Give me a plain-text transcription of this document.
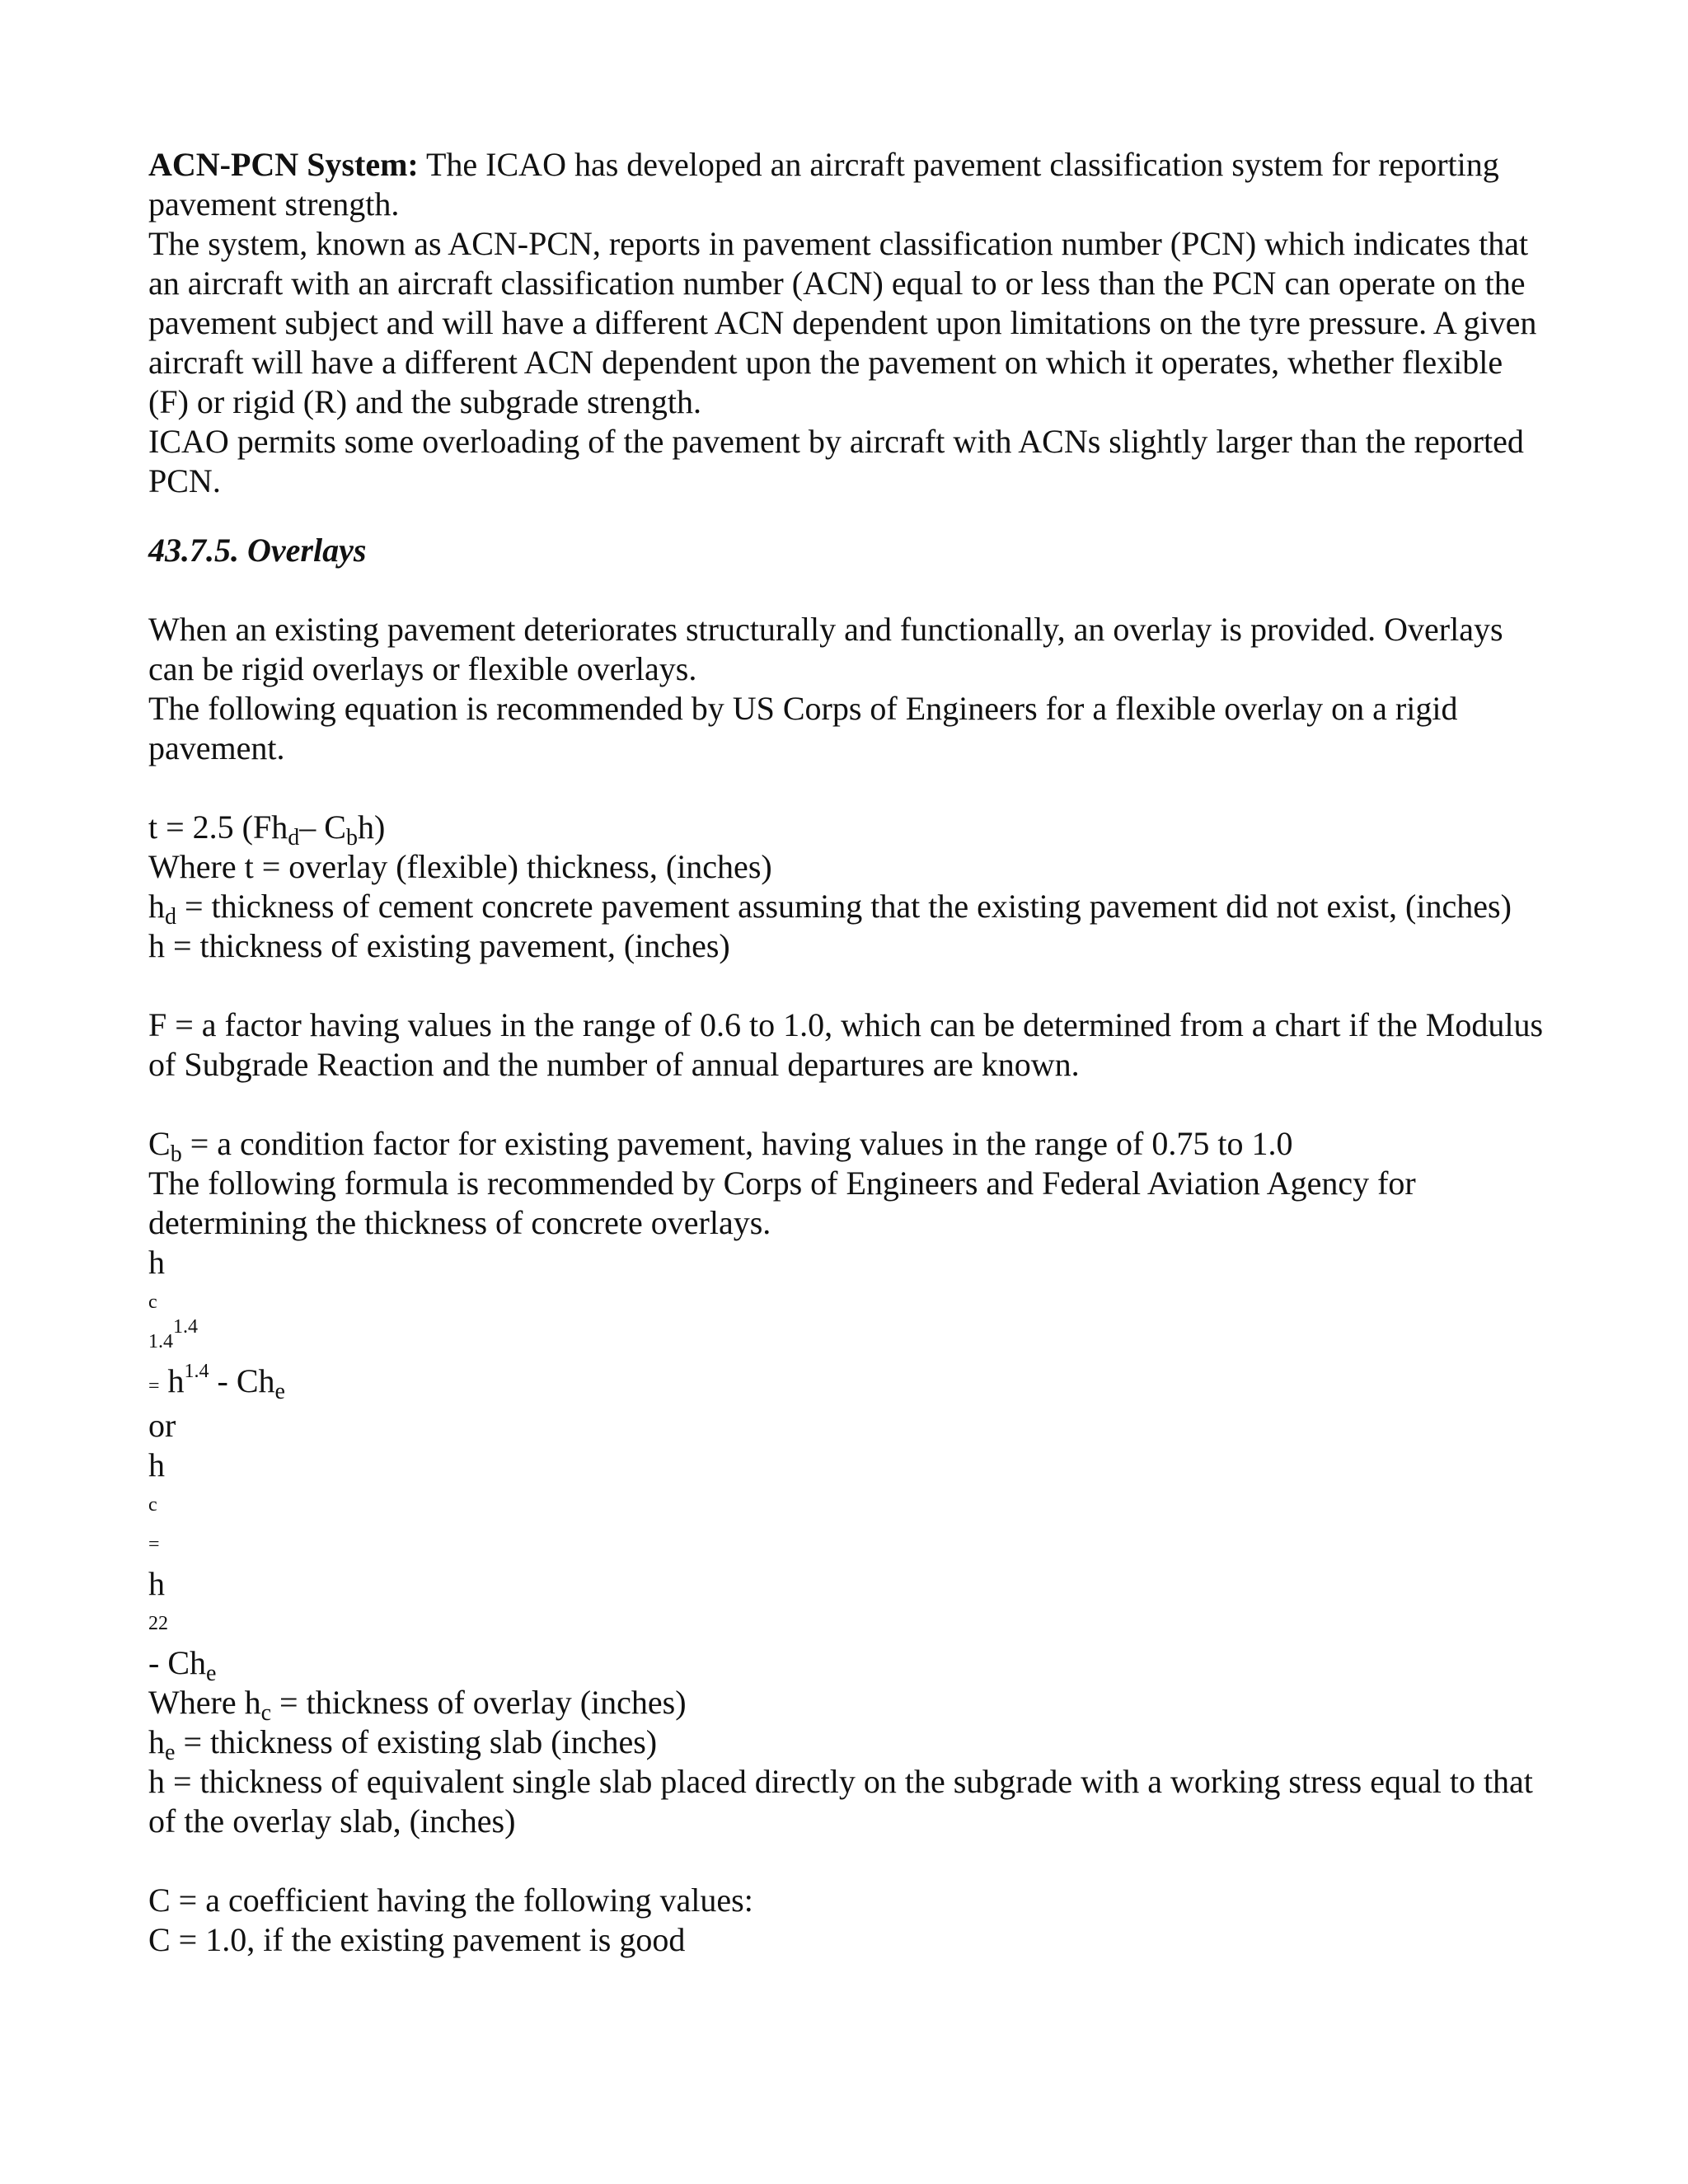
ACN-PCN System: The ICAO has developed an aircraft pavement classification system for reporting pavement strength.

The system, known as ACN-PCN, reports in pavement classification number (PCN) which indicates that an aircraft with an aircraft classification number (ACN) equal to or less than the PCN can operate on the pavement subject and will have a different ACN dependent upon limitations on the tyre pressure. A given aircraft will have a different ACN dependent upon the pavement on which it operates, whether flexible (F) or rigid (R) and the subgrade strength.

ICAO permits some overloading of the pavement by aircraft with ACNs slightly larger than the reported PCN.

43.7.5. Overlays

When an existing pavement deteriorates structurally and functionally, an overlay is provided. Overlays can be rigid overlays or flexible overlays.

The following equation is recommended by US Corps of Engineers for a flexible overlay on a rigid pavement.

t = 2.5 ($Fh_d-$ $C_bh$)

Where t = overlay (flexible) thickness, (inches)

$h_d$ = thickness of cement concrete pavement assuming that the existing pavement did not exist, (inches)

h = thickness of existing pavement, (inches)

F = a factor having values in the range of 0.6 to 1.0, which can be determined from a chart if the Modulus of Subgrade Reaction and the number of annual departures are known.

$C_b = a$ condition factor for existing pavement, having values in the range of 0.75 to 1.0

The following formula is recommended by Corps of Engineers and Federal Aviation Agency for determining the thickness of concrete overlays.

h

c

1.41.4

= $h^{1.4} - Ch_e$

or

h

c

=

h

22

- $Ch_e$

Where $h_c$ = thickness of overlay (inches)

$h_e$ = thickness of existing slab (inches)

h = thickness of equivalent single slab placed directly on the subgrade with a working stress equal to that of the overlay slab, (inches)

C = a coefficient having the following values:

C = 1.0, if the existing pavement is good
